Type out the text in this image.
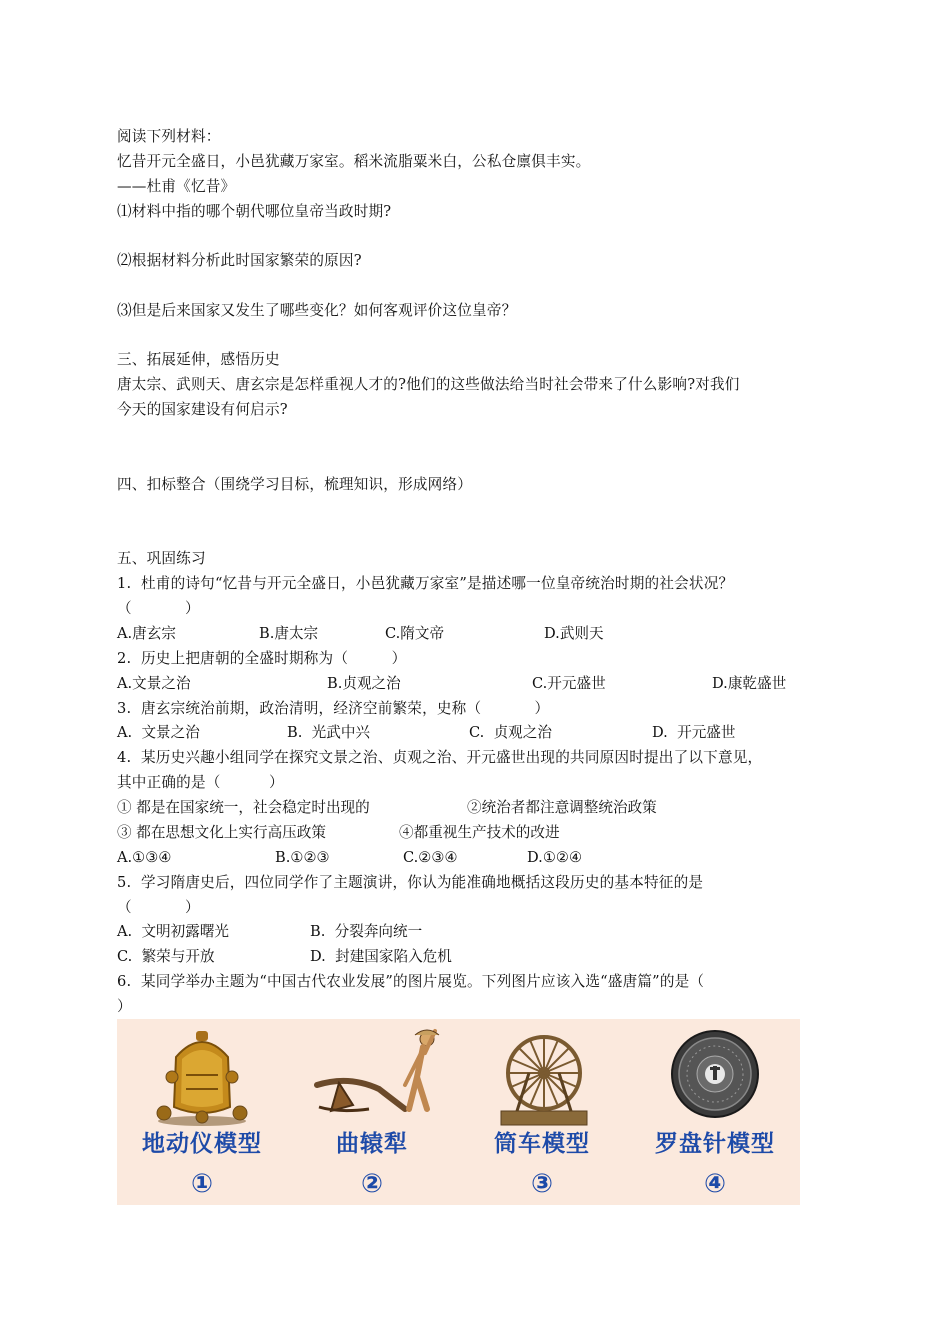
阅读下列材料：
忆昔开元全盛日，小邑犹藏万家室。稻米流脂粟米白，公私仓廪俱丰实。
——杜甫《忆昔》
⑴材料中指的哪个朝代哪位皇帝当政时期?
⑵根据材料分析此时国家繁荣的原因?
⑶但是后来国家又发生了哪些变化？如何客观评价这位皇帝？
三、拓展延伸，感悟历史
唐太宗、武则天、唐玄宗是怎样重视人才的?他们的这些做法给当时社会带来了什么影响?对我们
今天的国家建设有何启示?
四、扣标整合（围绕学习目标，梳理知识，形成网络）
五、巩固练习
1.  杜甫的诗句“忆昔与开元全盛日，小邑犹藏万家室”是描述哪一位皇帝统治时期的社会状况？
（           ）
A.唐玄宗	B.唐太宗	C.隋文帝	D.武则天
2.  历史上把唐朝的全盛时期称为（         ）
A.文景之治	B.贞观之治	C.开元盛世	D.康乾盛世
3.  唐玄宗统治前期，政治清明，经济空前繁荣，史称（           ）
A.  文景之治	B.  光武中兴	C.  贞观之治	D.  开元盛世
4.  某历史兴趣小组同学在探究文景之治、贞观之治、开元盛世出现的共同原因时提出了以下意见，
其中正确的是（          ）
① 都是在国家统一，社会稳定时出现的	②统治者都注意调整统治政策
③ 都在思想文化上实行高压政策	④都重视生产技术的改进
A.①③④	B.①②③	C.②③④	D.①②④
5.  学习隋唐史后，四位同学作了主题演讲，你认为能准确地概括这段历史的基本特征的是
（           ）
A.  文明初露曙光	B.  分裂奔向统一
C.  繁荣与开放	D.  封建国家陷入危机
6.  某同学举办主题为“中国古代农业发展”的图片展览。下列图片应该入选“盛唐篇”的是（
）
地动仪模型
①
曲辕犁
②
筒车模型
③
罗盘针模型
④
